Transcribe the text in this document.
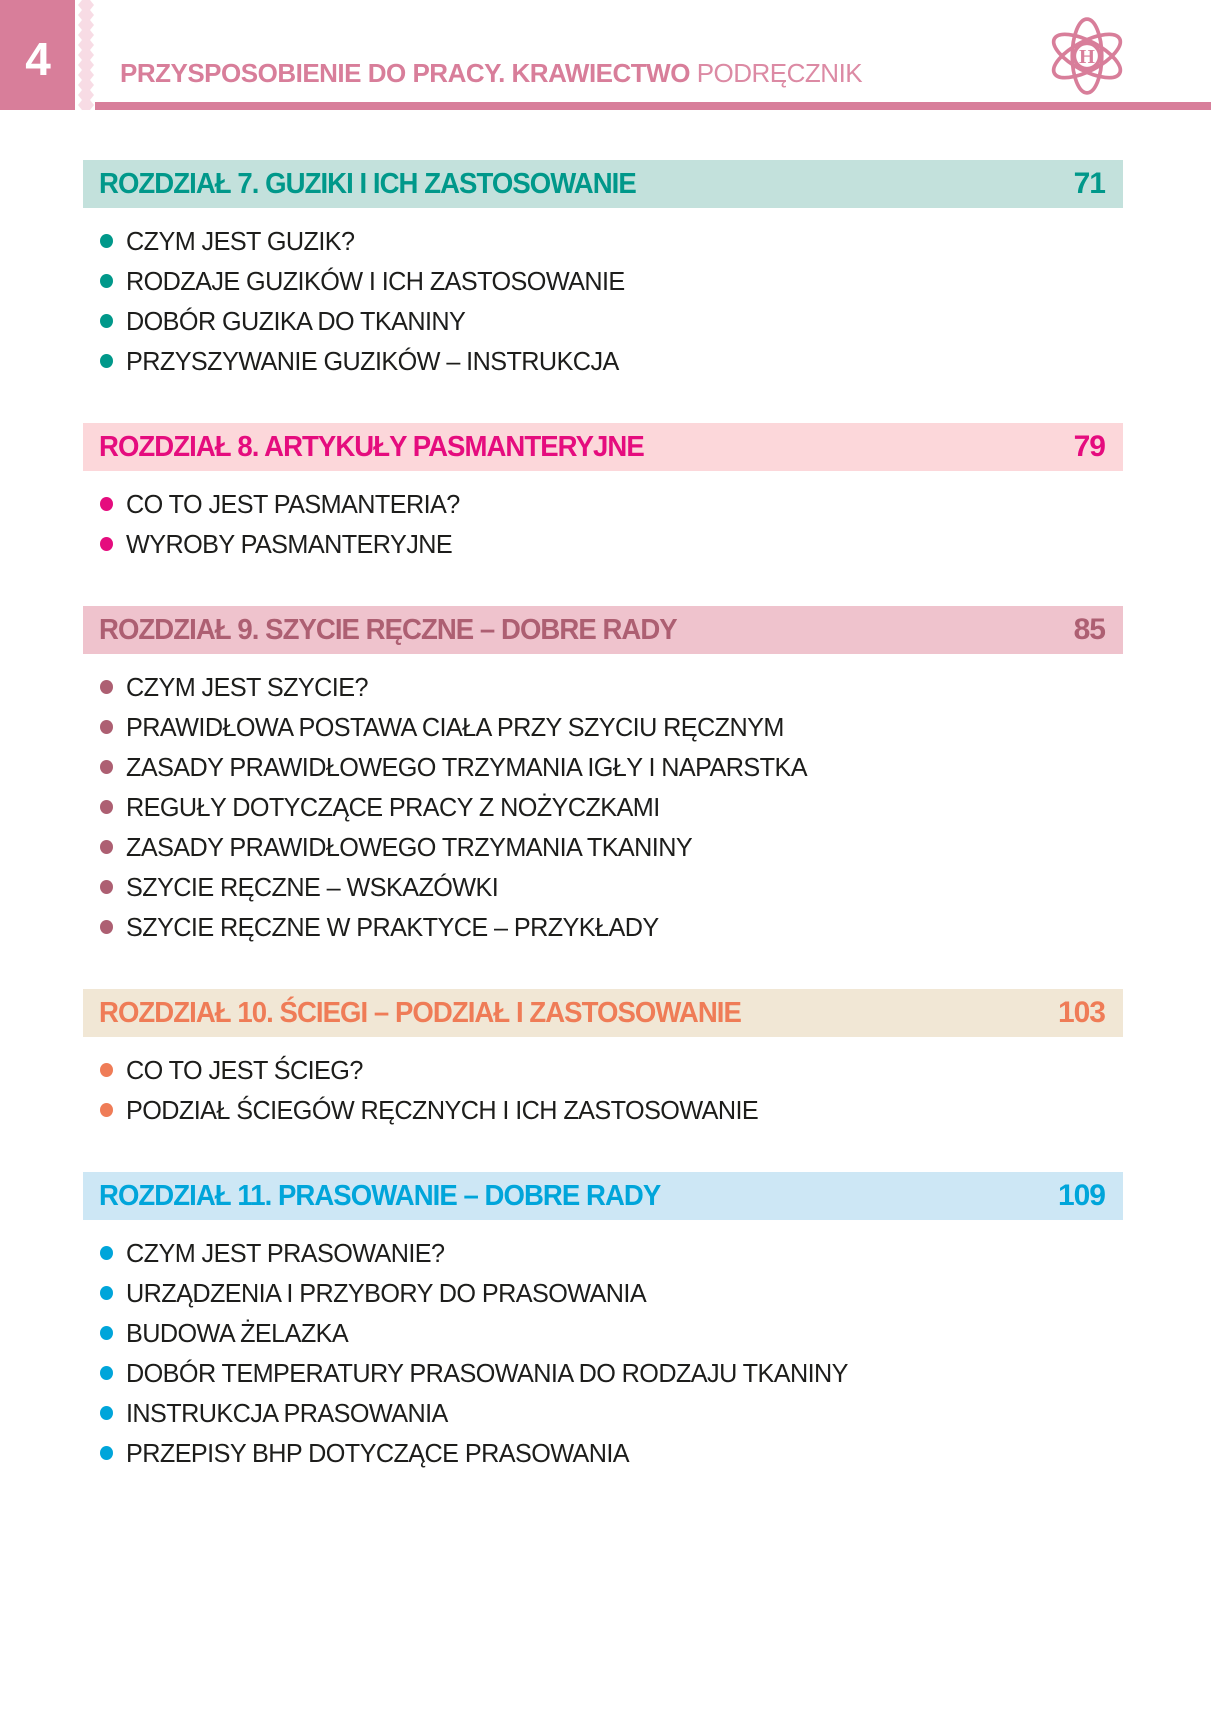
4	PRZYSPOSOBIENIE DO PRACY. KRAWIECTWO PODRĘCZNIK
H
ROZDZIAŁ 7. GUZIKI I ICH ZASTOSOWANIE	71
CZYM JEST GUZIK?
RODZAJE GUZIKÓW I ICH ZASTOSOWANIE
DOBÓR GUZIKA DO TKANINY
PRZYSZYWANIE GUZIKÓW – INSTRUKCJA
ROZDZIAŁ 8. ARTYKUŁY PASMANTERYJNE	79
CO TO JEST PASMANTERIA?
WYROBY PASMANTERYJNE
ROZDZIAŁ 9. SZYCIE RĘCZNE – DOBRE RADY	85
CZYM JEST SZYCIE?
PRAWIDŁOWA POSTAWA CIAŁA PRZY SZYCIU RĘCZNYM
ZASADY PRAWIDŁOWEGO TRZYMANIA IGŁY I NAPARSTKA
REGUŁY DOTYCZĄCE PRACY Z NOŻYCZKAMI
ZASADY PRAWIDŁOWEGO TRZYMANIA TKANINY
SZYCIE RĘCZNE – WSKAZÓWKI
SZYCIE RĘCZNE W PRAKTYCE – PRZYKŁADY
ROZDZIAŁ 10. ŚCIEGI – PODZIAŁ I ZASTOSOWANIE	103
CO TO JEST ŚCIEG?
PODZIAŁ ŚCIEGÓW RĘCZNYCH I ICH ZASTOSOWANIE
ROZDZIAŁ 11. PRASOWANIE – DOBRE RADY	109
CZYM JEST PRASOWANIE?
URZĄDZENIA I PRZYBORY DO PRASOWANIA
BUDOWA ŻELAZKA
DOBÓR TEMPERATURY PRASOWANIA DO RODZAJU TKANINY
INSTRUKCJA PRASOWANIA
PRZEPISY BHP DOTYCZĄCE PRASOWANIA
